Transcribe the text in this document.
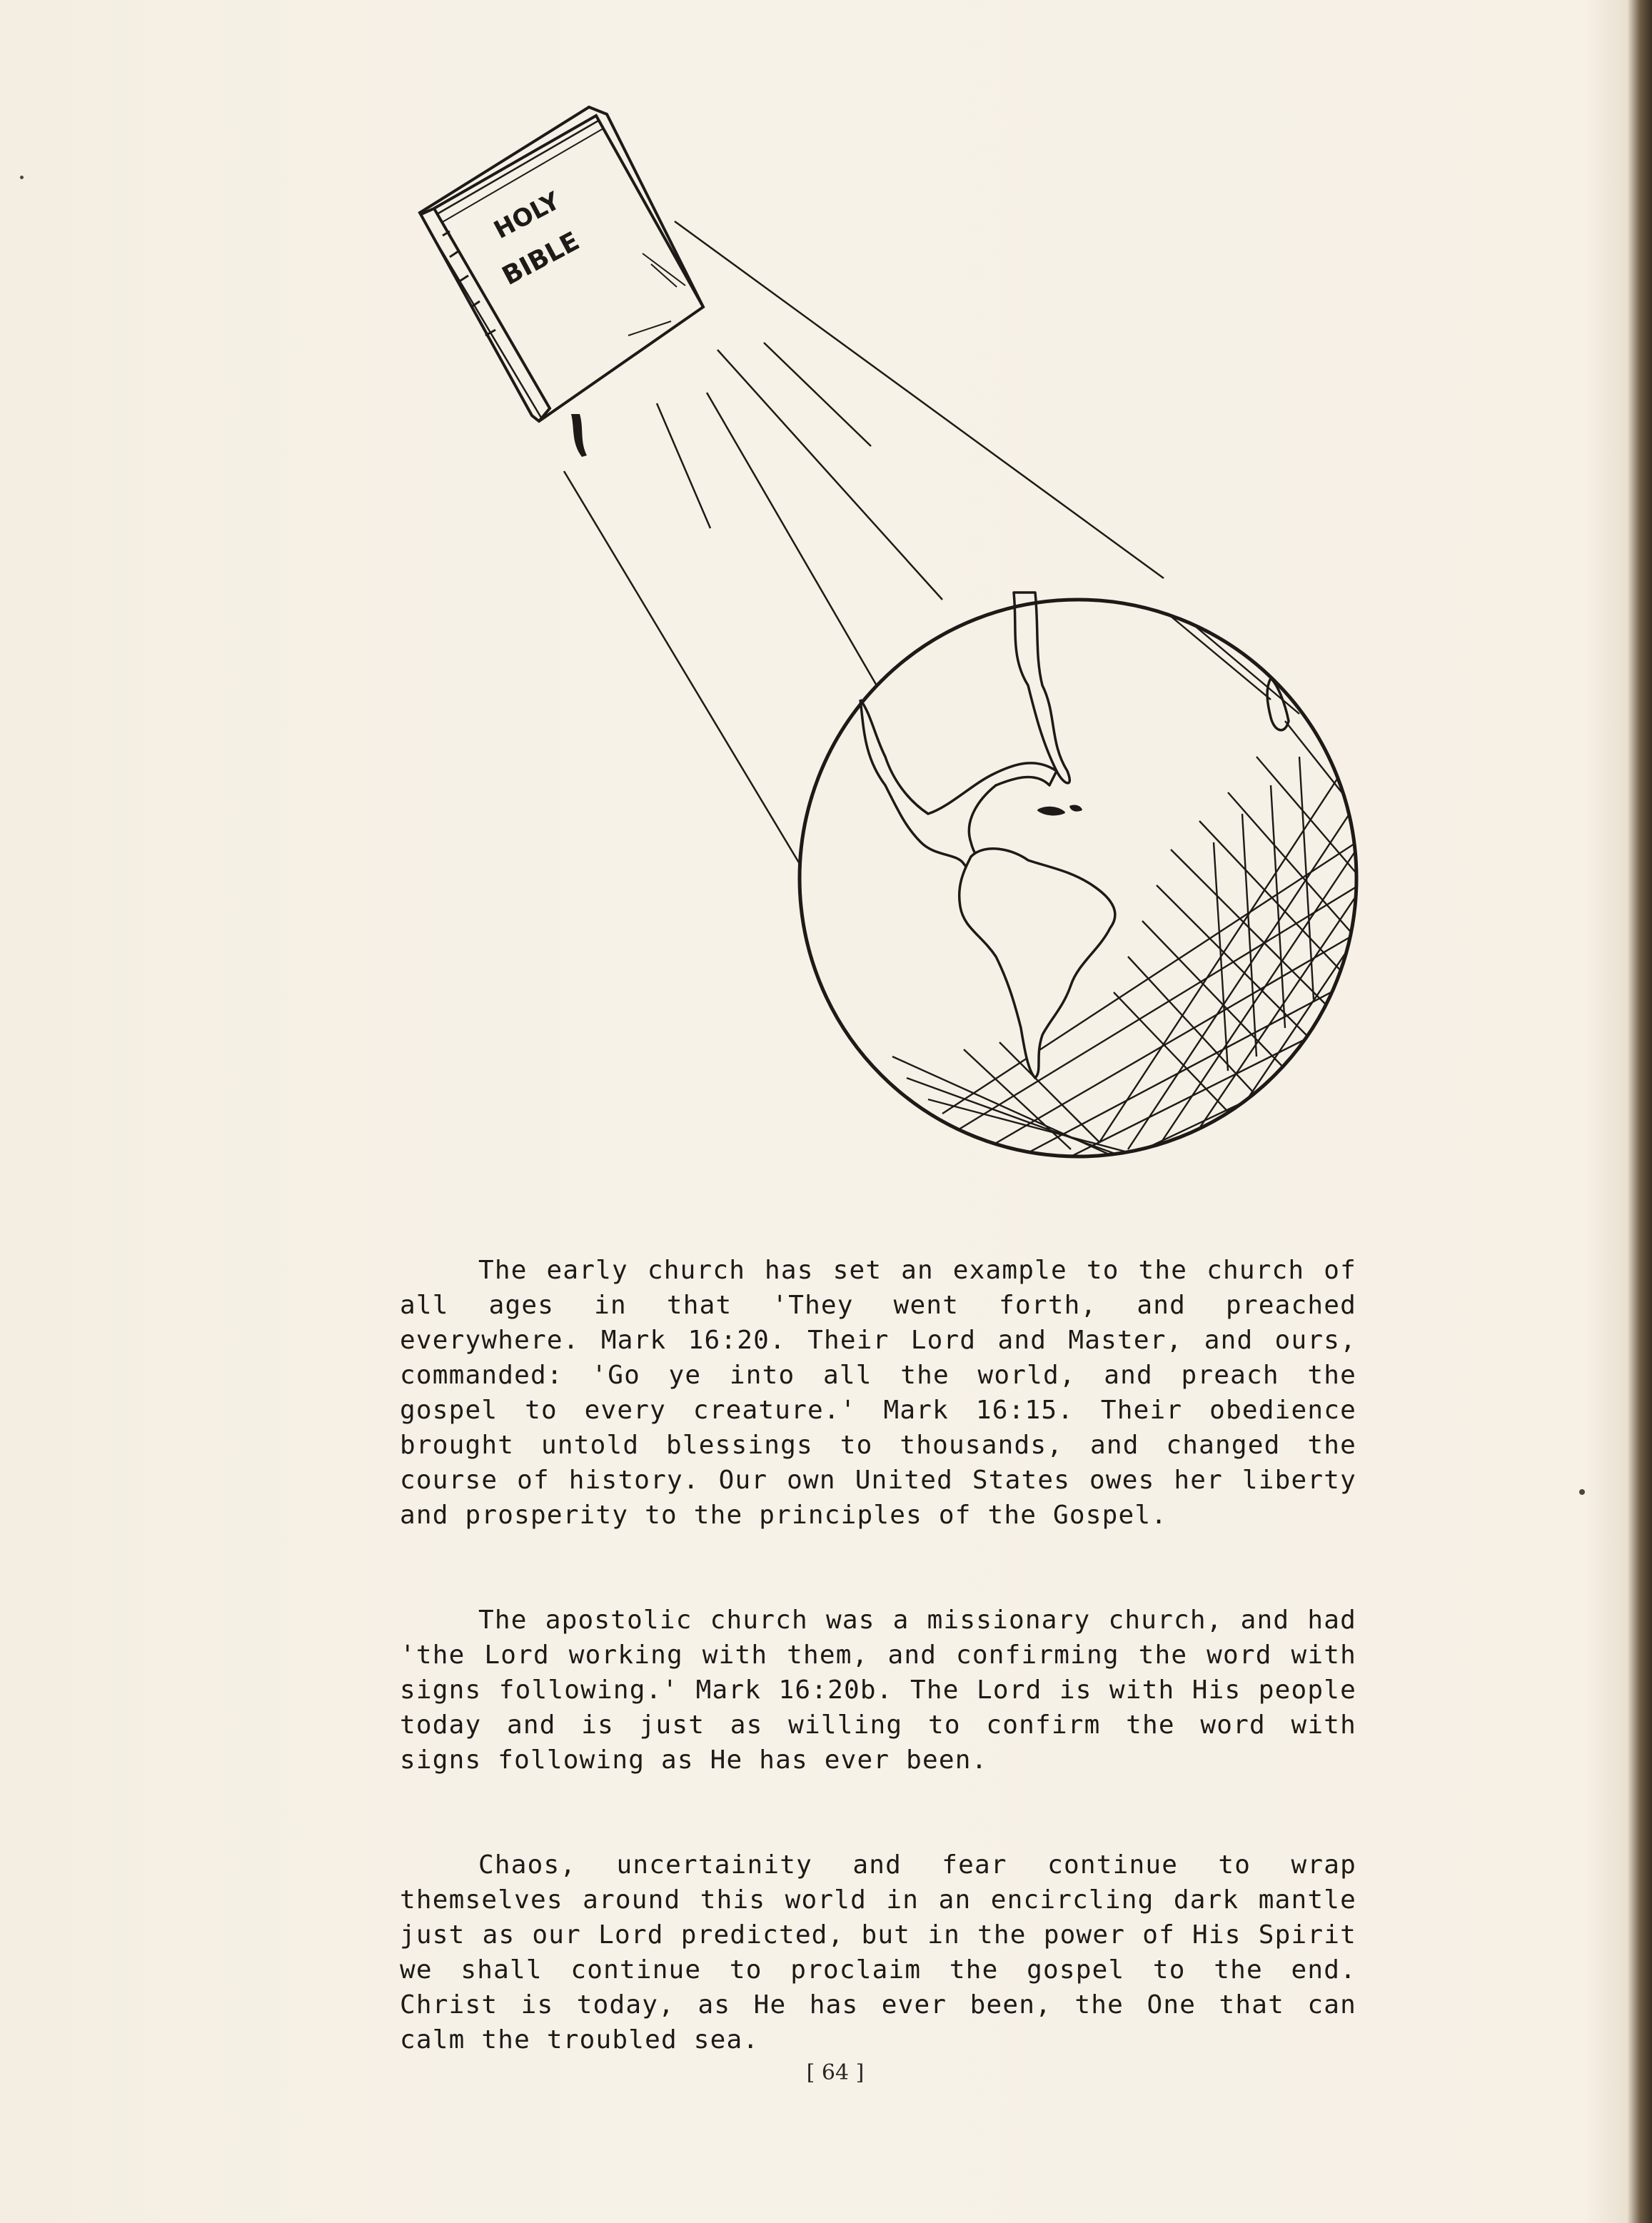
HOLY
BIBLE

The early church has set an example to the church of all ages in that 'They went forth, and preached everywhere. Mark 16:20. Their Lord and Master, and ours, commanded: 'Go ye into all the world, and preach the gospel to every creature.' Mark 16:15. Their obedience brought untold blessings to thousands, and changed the course of history. Our own United States owes her liberty and prosperity to the principles of the Gospel.

The apostolic church was a missionary church, and had 'the Lord working with them, and confirming the word with signs following.' Mark 16:20b. The Lord is with His people today and is just as willing to confirm the word with signs following as He has ever been.

Chaos, uncertainity and fear continue to wrap themselves around this world in an encircling dark mantle just as our Lord predicted, but in the power of His Spirit we shall continue to proclaim the gospel to the end. Christ is today, as He has ever been, the One that can calm the troubled sea.

[ 64 ]
